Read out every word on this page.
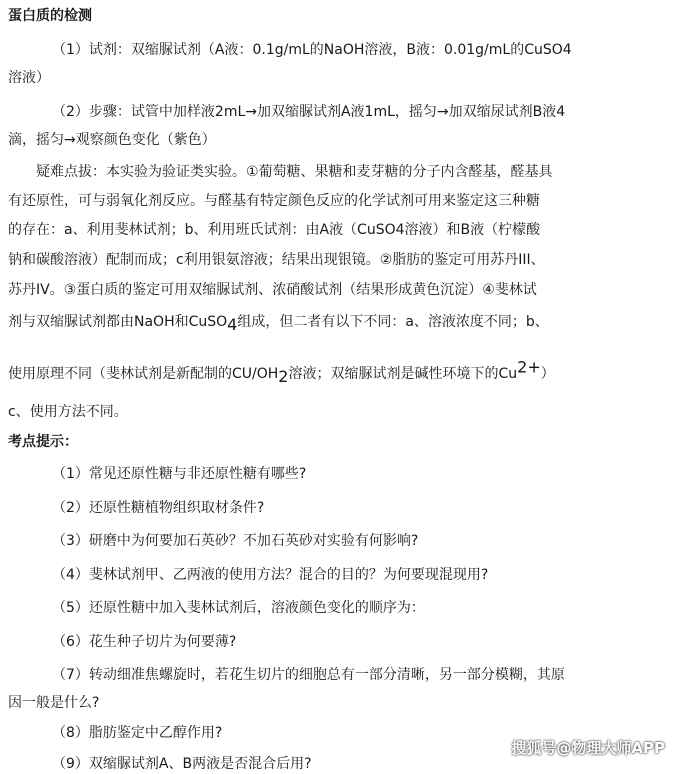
蛋白质的检测
（1）试剂：双缩脲试剂（A液：0.1g/mL的NaOH溶液，B液：0.01g/mL的CuSO4
溶液）
（2）步骤：试管中加样液2mL→加双缩脲试剂A液1mL，摇匀→加双缩尿试剂B液4
滴，摇匀→观察颜色变化（紫色）
疑难点拔：本实验为验证类实验。①葡萄糖、果糖和麦芽糖的分子内含醛基，醛基具
有还原性，可与弱氧化剂反应。与醛基有特定颜色反应的化学试剂可用来鉴定这三种糖
的存在：a、利用斐林试剂；b、利用班氏试剂：由A液（CuSO4溶液）和B液（柠檬酸
钠和碳酸溶液）配制而成；c利用银氨溶液；结果出现银镜。②脂肪的鉴定可用苏丹III、
苏丹IV。③蛋白质的鉴定可用双缩脲试剂、浓硝酸试剂（结果形成黄色沉淀）④斐林试
剂与双缩脲试剂都由NaOH和CuSO$_4$组成，但二者有以下不同：a、溶液浓度不同；b、
使用原理不同（斐林试剂是新配制的$CU/OH_2$溶液；双缩脲试剂是碱性环境下的$Cu^{2+}$）
c、使用方法不同。
考点提示：
（1）常见还原性糖与非还原性糖有哪些?
（2）还原性糖植物组织取材条件?
（3）研磨中为何要加石英砂？不加石英砂对实验有何影响?
（4）斐林试剂甲、乙两液的使用方法？混合的目的？为何要现混现用?
（5）还原性糖中加入斐林试剂后，溶液颜色变化的顺序为：
（6）花生种子切片为何要薄?
（7）转动细准焦螺旋时，若花生切片的细胞总有一部分清晰，另一部分模糊，其原
因一般是什么?
（8）脂肪鉴定中乙醇作用?
（9）双缩脲试剂A、B两液是否混合后用?
搜狐号@物理大师APP
